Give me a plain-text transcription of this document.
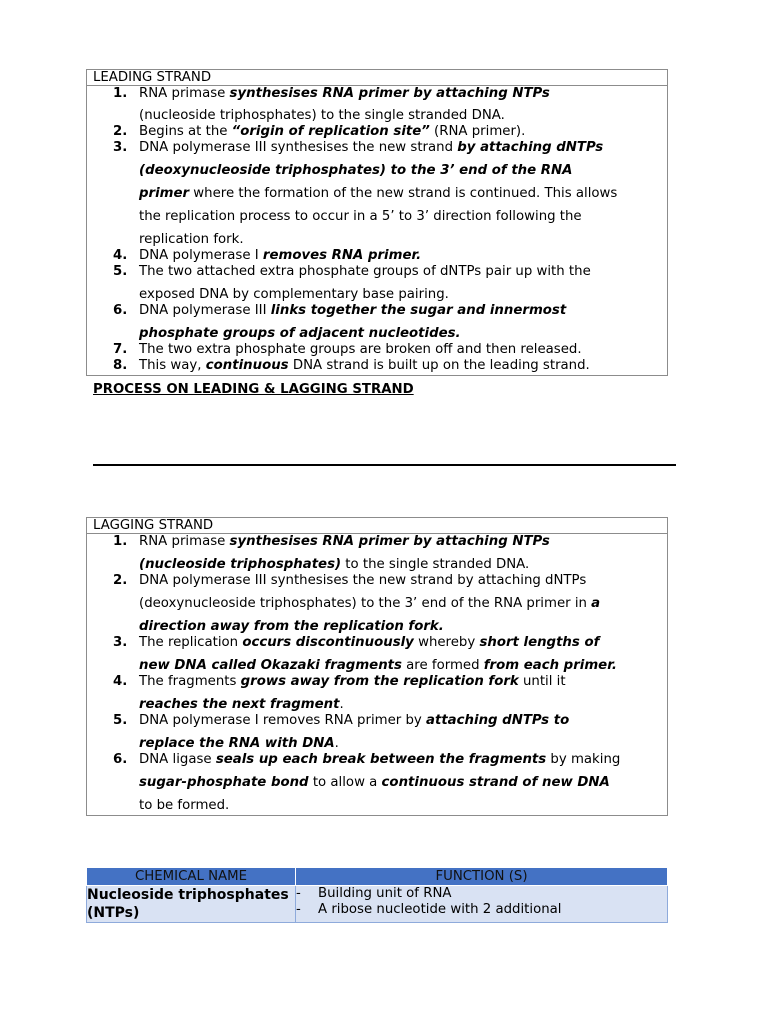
LEADING STRAND
1. RNA primase synthesises RNA primer by attaching NTPs
(nucleoside triphosphates) to the single stranded DNA.
2. Begins at the “origin of replication site” (RNA primer).
3. DNA polymerase III synthesises the new strand by attaching dNTPs
(deoxynucleoside triphosphates) to the 3’ end of the RNA
primer where the formation of the new strand is continued. This allows
the replication process to occur in a 5’ to 3’ direction following the
replication fork.
4. DNA polymerase I removes RNA primer.
5. The two attached extra phosphate groups of dNTPs pair up with the
exposed DNA by complementary base pairing.
6. DNA polymerase III links together the sugar and innermost
phosphate groups of adjacent nucleotides.
7. The two extra phosphate groups are broken off and then released.
8. This way, continuous DNA strand is built up on the leading strand.
PROCESS ON LEADING & LAGGING STRAND
LAGGING STRAND
1. RNA primase synthesises RNA primer by attaching NTPs
(nucleoside triphosphates) to the single stranded DNA.
2. DNA polymerase III synthesises the new strand by attaching dNTPs
(deoxynucleoside triphosphates) to the 3’ end of the RNA primer in a
direction away from the replication fork.
3. The replication occurs discontinuously whereby short lengths of
new DNA called Okazaki fragments are formed from each primer.
4. The fragments grows away from the replication fork until it
reaches the next fragment.
5. DNA polymerase I removes RNA primer by attaching dNTPs to
replace the RNA with DNA.
6. DNA ligase seals up each break between the fragments by making
sugar-phosphate bond to allow a continuous strand of new DNA
to be formed.
CHEMICAL NAME	FUNCTION (S)
Nucleoside triphosphates (NTPs)	- Building unit of RNA
- A ribose nucleotide with 2 additional
